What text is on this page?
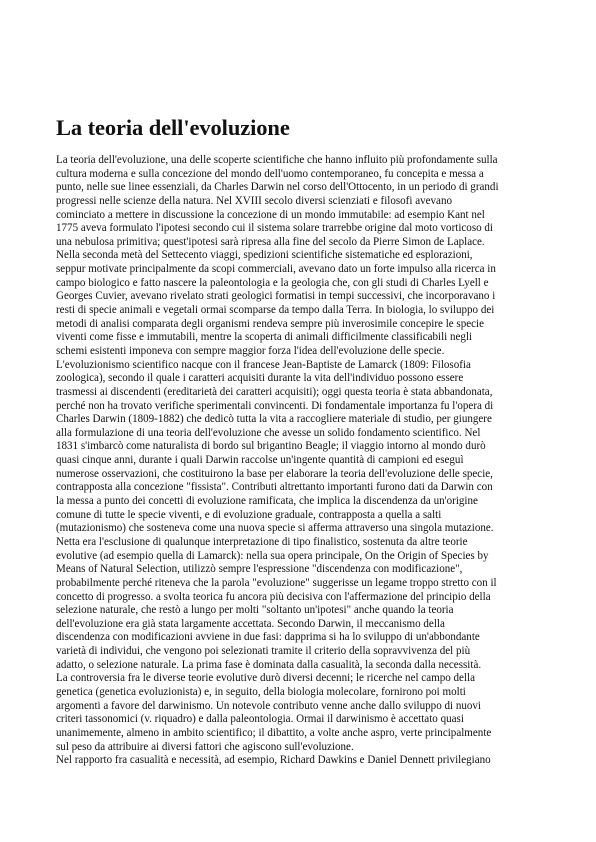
La teoria dell'evoluzione
La teoria dell'evoluzione, una delle scoperte scientifiche che hanno influito più profondamente sulla
cultura moderna e sulla concezione del mondo dell'uomo contemporaneo, fu concepita e messa a
punto, nelle sue linee essenziali, da Charles Darwin nel corso dell'Ottocento, in un periodo di grandi
progressi nelle scienze della natura. Nel XVIII secolo diversi scienziati e filosofi avevano
cominciato a mettere in discussione la concezione di un mondo immutabile: ad esempio Kant nel
1775 aveva formulato l'ipotesi secondo cui il sistema solare trarrebbe origine dal moto vorticoso di
una nebulosa primitiva; quest'ipotesi sarà ripresa alla fine del secolo da Pierre Simon de Laplace.
Nella seconda metà del Settecento viaggi, spedizioni scientifiche sistematiche ed esplorazioni,
seppur motivate principalmente da scopi commerciali, avevano dato un forte impulso alla ricerca in
campo biologico e fatto nascere la paleontologia e la geologia che, con gli studi di Charles Lyell e
Georges Cuvier, avevano rivelato strati geologici formatisi in tempi successivi, che incorporavano i
resti di specie animali e vegetali ormai scomparse da tempo dalla Terra. In biologia, lo sviluppo dei
metodi di analisi comparata degli organismi rendeva sempre più inverosimile concepire le specie
viventi come fisse e immutabili, mentre la scoperta di animali difficilmente classificabili negli
schemi esistenti imponeva con sempre maggior forza l'idea dell'evoluzione delle specie.
L'evoluzionismo scientifico nacque con il francese Jean-Baptiste de Lamarck (1809: Filosofia
zoologica), secondo il quale i caratteri acquisiti durante la vita dell'individuo possono essere
trasmessi ai discendenti (ereditarietà dei caratteri acquisiti); oggi questa teoria è stata abbandonata,
perché non ha trovato verifiche sperimentali convincenti. Di fondamentale importanza fu l'opera di
Charles Darwin (1809-1882) che dedicò tutta la vita a raccogliere materiale di studio, per giungere
alla formulazione di una teoria dell'evoluzione che avesse un solido fondamento scientifico. Nel
1831 s'imbarcò come naturalista di bordo sul brigantino Beagle; il viaggio intorno al mondo durò
quasi cinque anni, durante i quali Darwin raccolse un'ingente quantità di campioni ed eseguì
numerose osservazioni, che costituirono la base per elaborare la teoria dell'evoluzione delle specie,
contrapposta alla concezione "fissista". Contributi altrettanto importanti furono dati da Darwin con
la messa a punto dei concetti di evoluzione ramificata, che implica la discendenza da un'origine
comune di tutte le specie viventi, e di evoluzione graduale, contrapposta a quella a salti
(mutazionismo) che sosteneva come una nuova specie si afferma attraverso una singola mutazione.
Netta era l'esclusione di qualunque interpretazione di tipo finalistico, sostenuta da altre teorie
evolutive (ad esempio quella di Lamarck): nella sua opera principale, On the Origin of Species by
Means of Natural Selection, utilizzò sempre l'espressione "discendenza con modificazione",
probabilmente perché riteneva che la parola "evoluzione" suggerisse un legame troppo stretto con il
concetto di progresso. a svolta teorica fu ancora più decisiva con l'affermazione del principio della
selezione naturale, che restò a lungo per molti "soltanto un'ipotesi" anche quando la teoria
dell'evoluzione era già stata largamente accettata. Secondo Darwin, il meccanismo della
discendenza con modificazioni avviene in due fasi: dapprima si ha lo sviluppo di un'abbondante
varietà di individui, che vengono poi selezionati tramite il criterio della sopravvivenza del più
adatto, o selezione naturale. La prima fase è dominata dalla casualità, la seconda dalla necessità.
La controversia fra le diverse teorie evolutive durò diversi decenni; le ricerche nel campo della
genetica (genetica evoluzionista) e, in seguito, della biologia molecolare, fornirono poi molti
argomenti a favore del darwinismo. Un notevole contributo venne anche dallo sviluppo di nuovi
criteri tassonomici (v. riquadro) e dalla paleontologia. Ormai il darwinismo è accettato quasi
unanimemente, almeno in ambito scientifico; il dibattito, a volte anche aspro, verte principalmente
sul peso da attribuire ai diversi fattori che agiscono sull'evoluzione.
Nel rapporto fra casualità e necessità, ad esempio, Richard Dawkins e Daniel Dennett privilegiano
